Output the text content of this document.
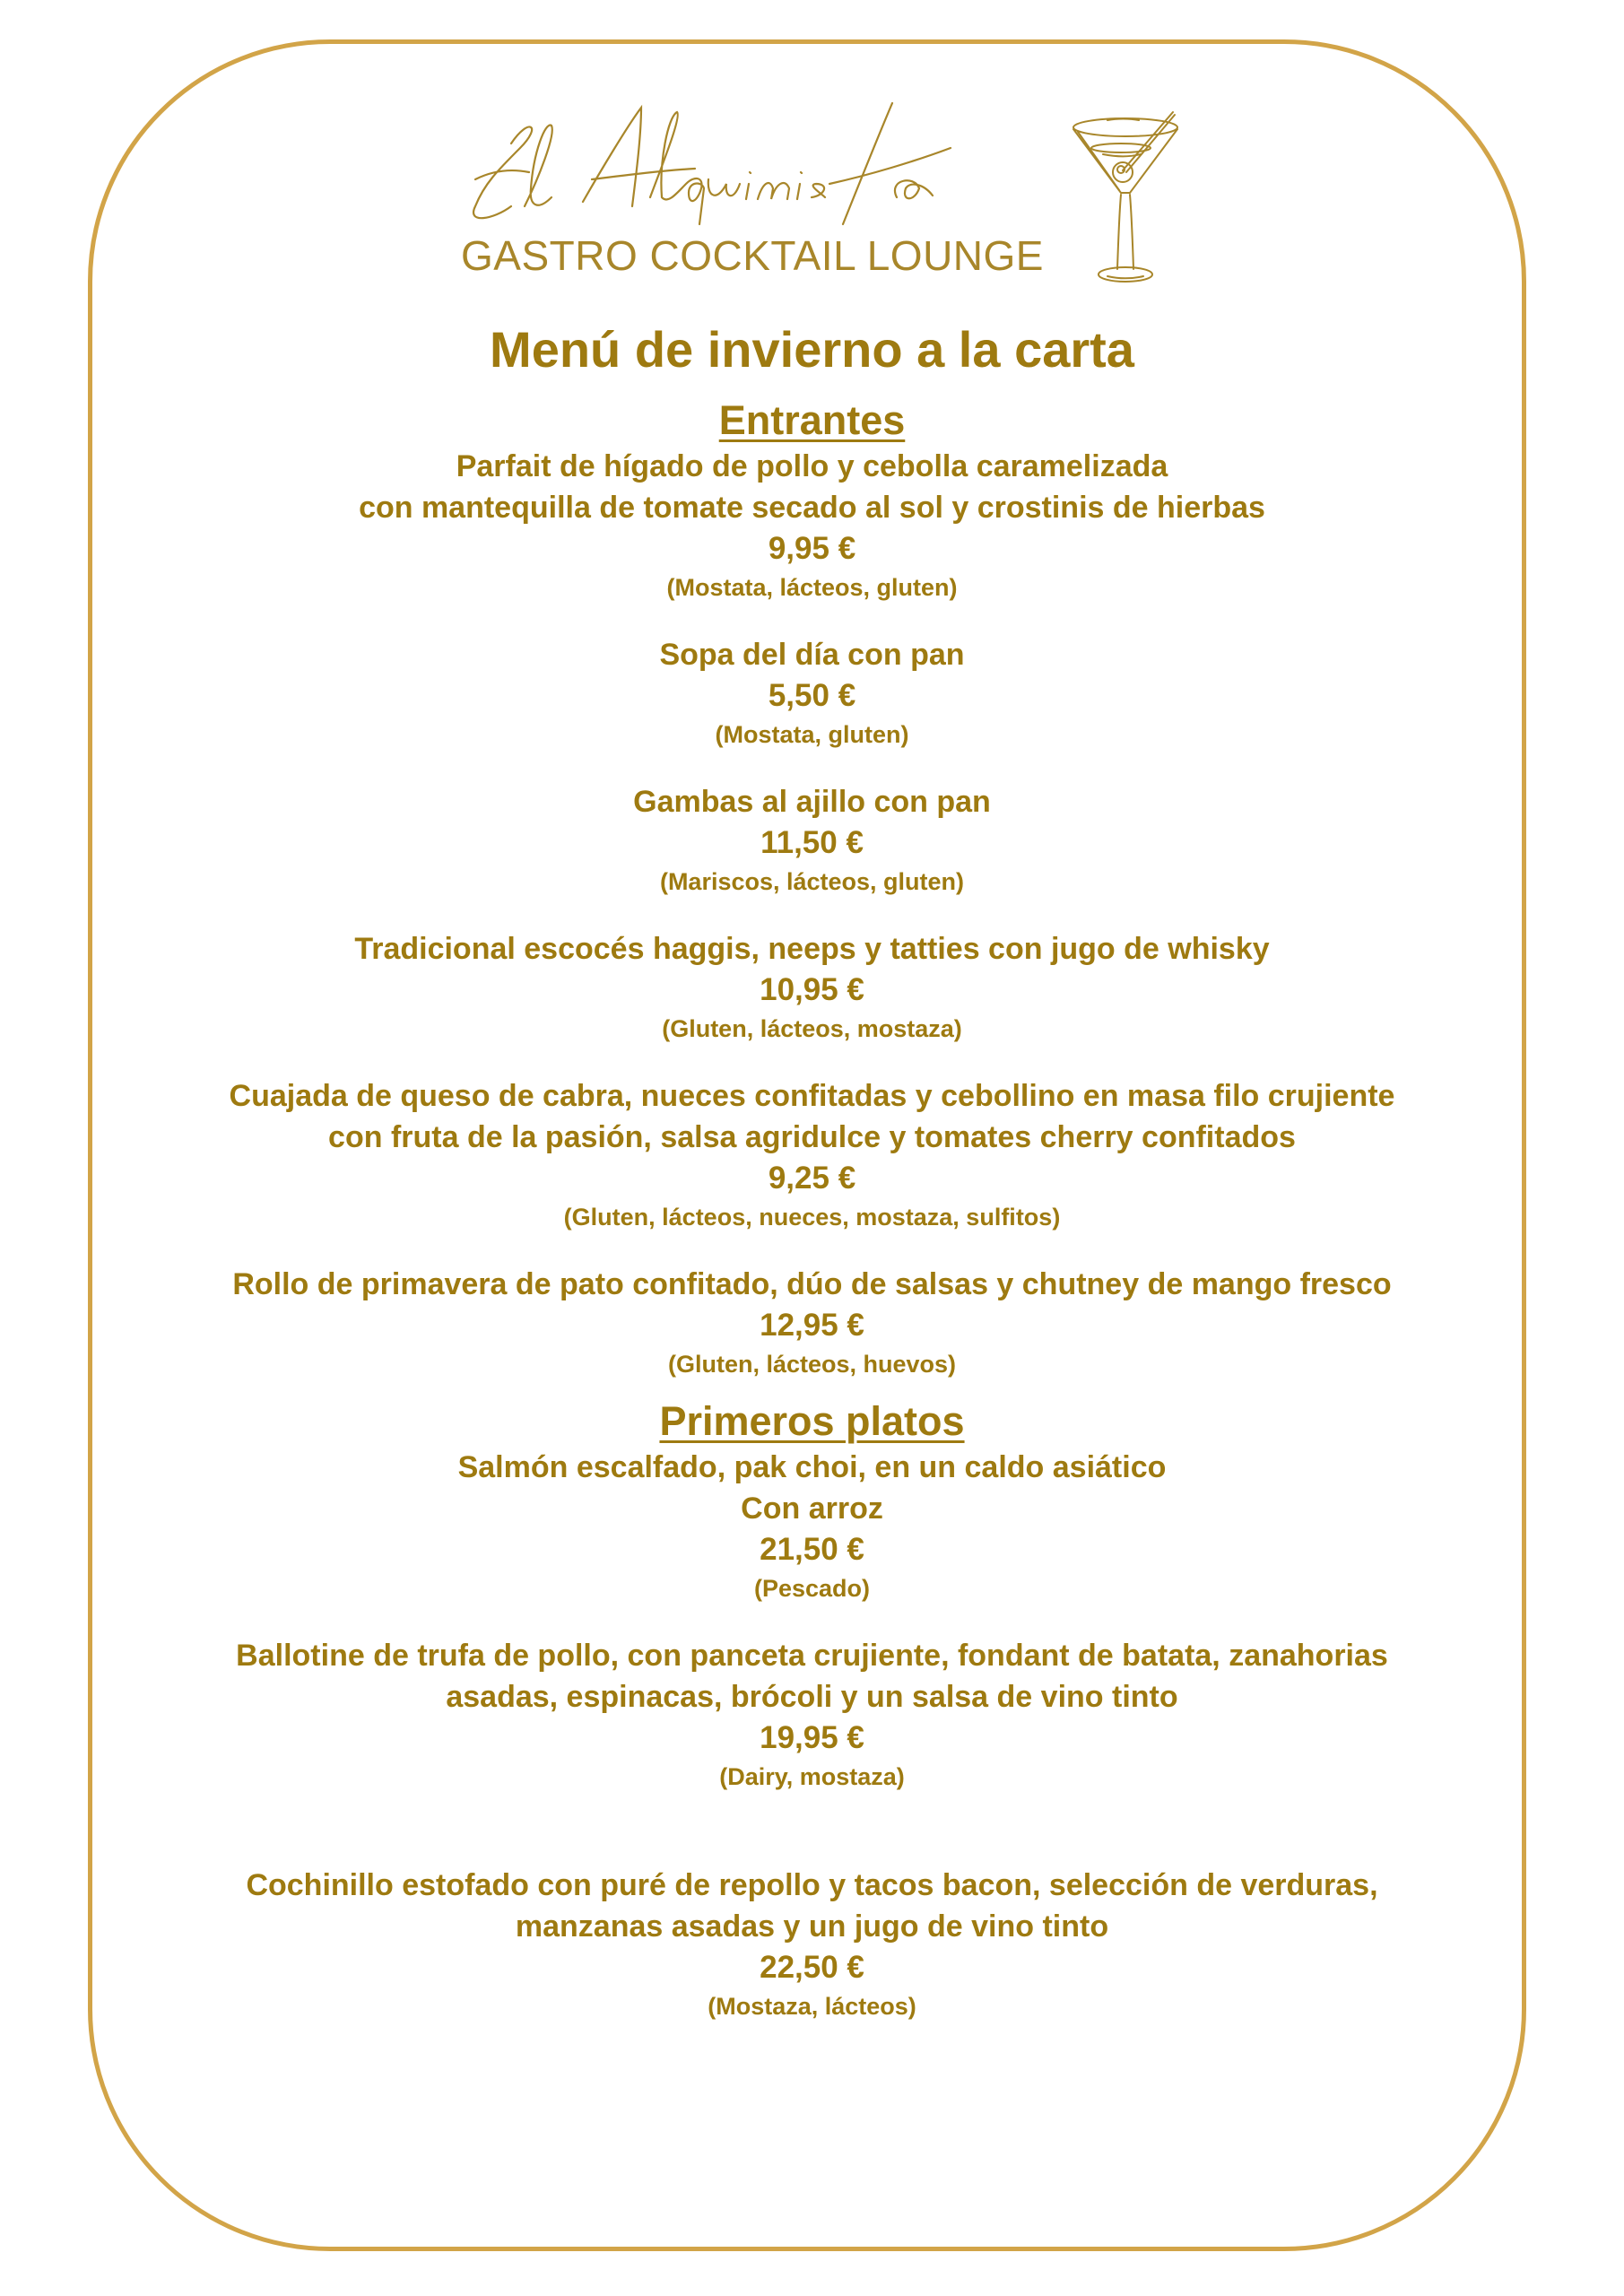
GASTRO COCKTAIL LOUNGE
Menú de invierno a la carta
Entrantes
Parfait de hígado de pollo y cebolla caramelizada
con mantequilla de tomate secado al sol y crostinis de hierbas
9,95 €
(Mostata, lácteos, gluten)
Sopa del día con pan
5,50 €
(Mostata, gluten)
Gambas al ajillo con pan
11,50 €
(Mariscos, lácteos, gluten)
Tradicional escocés haggis, neeps y tatties con jugo de whisky
10,95 €
(Gluten, lácteos, mostaza)
Cuajada de queso de cabra, nueces confitadas y cebollino en masa filo crujiente
con fruta de la pasión, salsa agridulce y tomates cherry confitados
9,25 €
(Gluten, lácteos, nueces, mostaza, sulfitos)
Rollo de primavera de pato confitado, dúo de salsas y chutney de mango fresco
12,95 €
(Gluten, lácteos, huevos)
Primeros platos
Salmón escalfado, pak choi, en un caldo asiático
Con arroz
21,50 €
(Pescado)
Ballotine de trufa de pollo, con panceta crujiente, fondant de batata, zanahorias
asadas, espinacas, brócoli y un salsa de vino tinto
19,95 €
(Dairy, mostaza)
Cochinillo estofado con puré de repollo y tacos bacon, selección de verduras,
manzanas asadas y un jugo de vino tinto
22,50 €
(Mostaza, lácteos)
